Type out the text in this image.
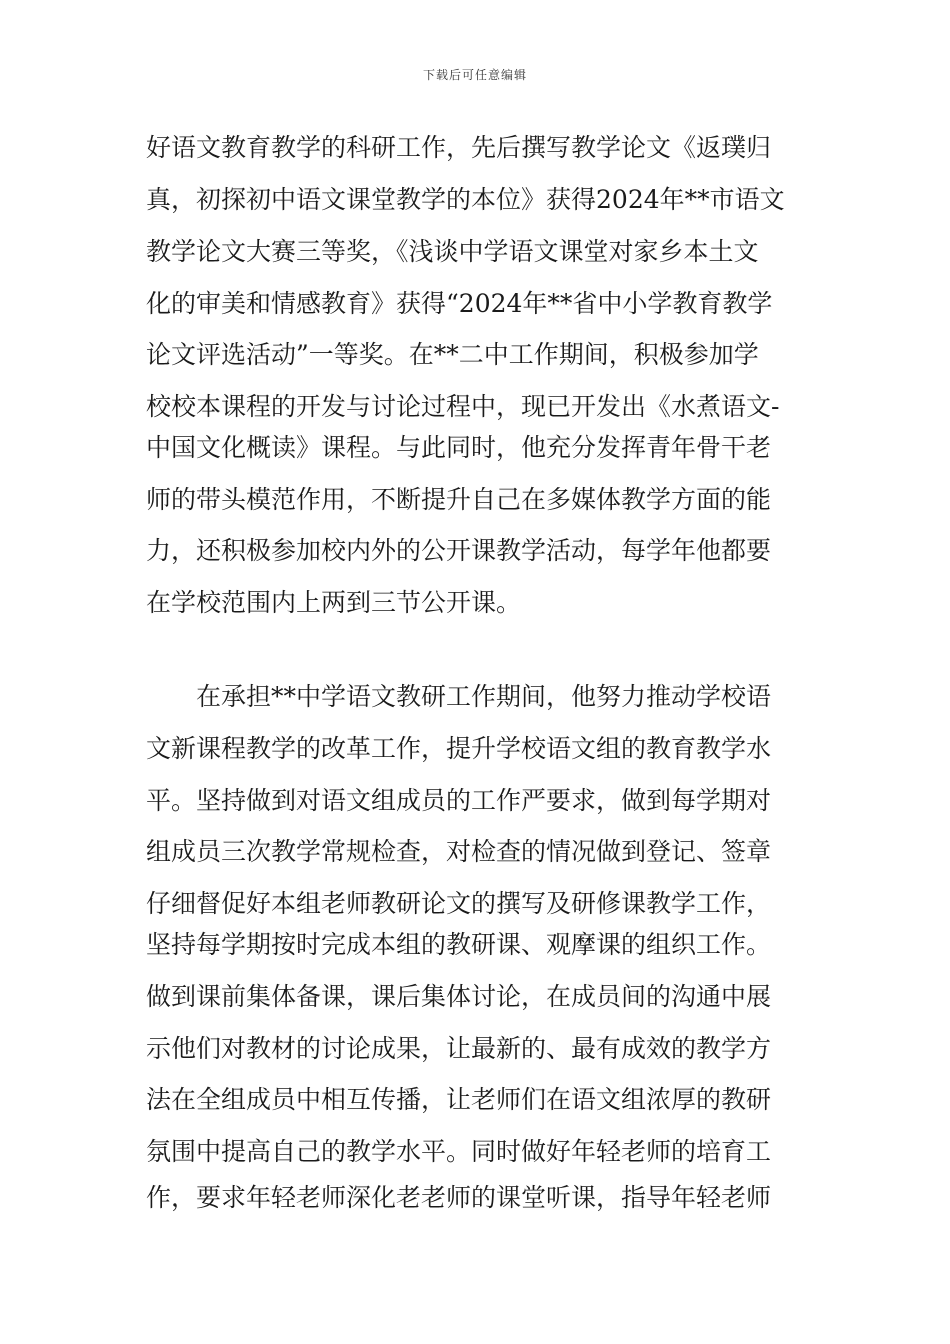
下载后可任意编辑
好语文教育教学的科研工作，先后撰写教学论文《返璞归
真，初探初中语文课堂教学的本位》获得2024年**市语文
教学论文大赛三等奖，《浅谈中学语文课堂对家乡本土文
化的审美和情感教育》获得“2024年**省中小学教育教学
论文评选活动”一等奖。在**二中工作期间，积极参加学
校校本课程的开发与讨论过程中，现已开发出《水煮语文-
中国文化概读》课程。与此同时，他充分发挥青年骨干老
师的带头模范作用，不断提升自己在多媒体教学方面的能
力，还积极参加校内外的公开课教学活动，每学年他都要
在学校范围内上两到三节公开课。
在承担**中学语文教研工作期间，他努力推动学校语
文新课程教学的改革工作，提升学校语文组的教育教学水
平。坚持做到对语文组成员的工作严要求，做到每学期对
组成员三次教学常规检查，对检查的情况做到登记、签章
仔细督促好本组老师教研论文的撰写及研修课教学工作，
坚持每学期按时完成本组的教研课、观摩课的组织工作。
做到课前集体备课，课后集体讨论，在成员间的沟通中展
示他们对教材的讨论成果，让最新的、最有成效的教学方
法在全组成员中相互传播，让老师们在语文组浓厚的教研
氛围中提高自己的教学水平。同时做好年轻老师的培育工
作，要求年轻老师深化老老师的课堂听课，指导年轻老师
